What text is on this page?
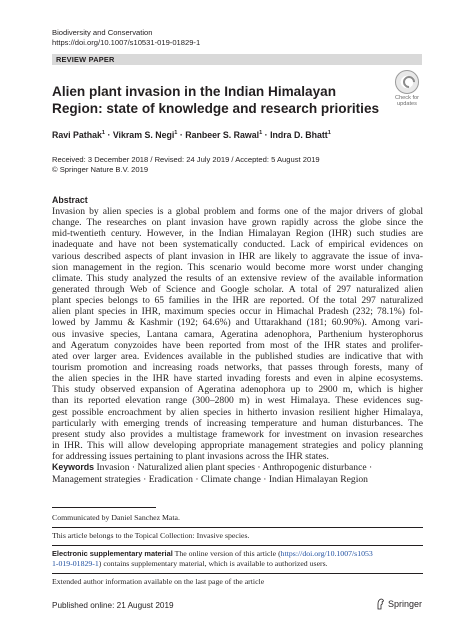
Biodiversity and Conservation
https://doi.org/10.1007/s10531-019-01829-1
REVIEW PAPER
Check for
updates
Alien plant invasion in the Indian Himalayan Region: state of knowledge and research priorities
Ravi Pathak$^1$ · Vikram S. Negi$^1$ · Ranbeer S. Rawal$^1$ · Indra D. Bhatt$^1$
Received: 3 December 2018 / Revised: 24 July 2019 / Accepted: 5 August 2019
© Springer Nature B.V. 2019
Abstract
Invasion by alien species is a global problem and forms one of the major drivers of global
change. The researches on plant invasion have grown rapidly across the globe since the
mid-twentieth century. However, in the Indian Himalayan Region (IHR) such studies are
inadequate and have not been systematically conducted. Lack of empirical evidences on
various described aspects of plant invasion in IHR are likely to aggravate the issue of inva-
sion management in the region. This scenario would become more worst under changing
climate. This study analyzed the results of an extensive review of the available information
generated through Web of Science and Google scholar. A total of 297 naturalized alien
plant species belongs to 65 families in the IHR are reported. Of the total 297 naturalized
alien plant species in IHR, maximum species occur in Himachal Pradesh (232; 78.1%) fol-
lowed by Jammu & Kashmir (192; 64.6%) and Uttarakhand (181; 60.90%). Among vari-
ous invasive species, Lantana camara, Ageratina adenophora, Parthenium hysterophorus
and Ageratum conyzoides have been reported from most of the IHR states and prolifer-
ated over larger area. Evidences available in the published studies are indicative that with
tourism promotion and increasing roads networks, that passes through forests, many of
the alien species in the IHR have started invading forests and even in alpine ecosystems.
This study observed expansion of Ageratina adenophora up to 2900 m, which is higher
than its reported elevation range (300–2800 m) in west Himalaya. These evidences sug-
gest possible encroachment by alien species in hitherto invasion resilient higher Himalaya,
particularly with emerging trends of increasing temperature and human disturbances. The
present study also provides a multistage framework for investment on invasion researches
in IHR. This will allow developing appropriate management strategies and policy planning
for addressing issues pertaining to plant invasions across the IHR states.
Keywords Invasion · Naturalized alien plant species · Anthropogenic disturbance ·
Management strategies · Eradication · Climate change · Indian Himalayan Region
Communicated by Daniel Sanchez Mata.
This article belongs to the Topical Collection: Invasive species.
Electronic supplementary material The online version of this article (https://doi.org/10.1007/s1053
1-019-01829-1) contains supplementary material, which is available to authorized users.
Extended author information available on the last page of the article
Published online: 21 August 2019	Springer
